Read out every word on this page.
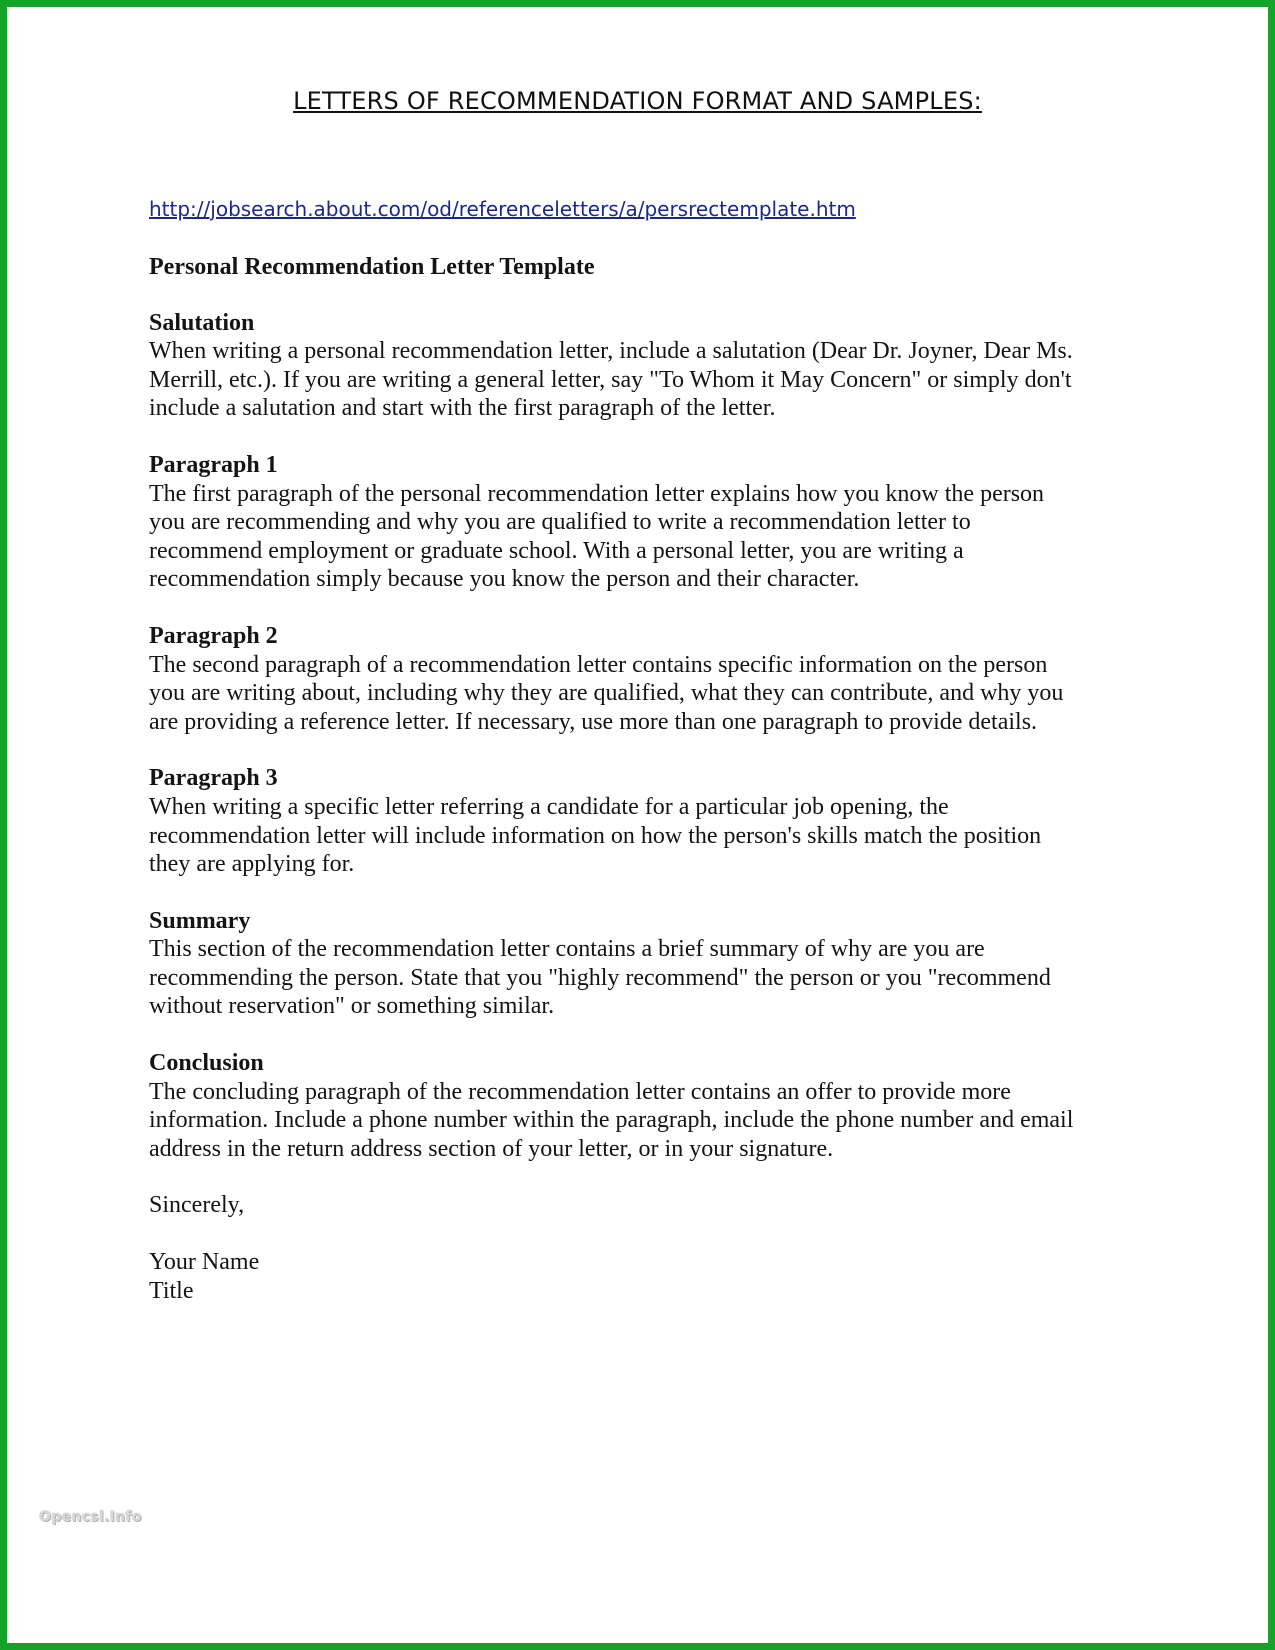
LETTERS OF RECOMMENDATION FORMAT AND SAMPLES:
http://jobsearch.about.com/od/referenceletters/a/persrectemplate.htm

Personal Recommendation Letter Template

Salutation

When writing a personal recommendation letter, include a salutation (Dear Dr. Joyner, Dear Ms.
Merrill, etc.). If you are writing a general letter, say "To Whom it May Concern" or simply don't
include a salutation and start with the first paragraph of the letter.

Paragraph 1

The first paragraph of the personal recommendation letter explains how you know the person
you are recommending and why you are qualified to write a recommendation letter to
recommend employment or graduate school. With a personal letter, you are writing a
recommendation simply because you know the person and their character.

Paragraph 2

The second paragraph of a recommendation letter contains specific information on the person
you are writing about, including why they are qualified, what they can contribute, and why you
are providing a reference letter. If necessary, use more than one paragraph to provide details.

Paragraph 3

When writing a specific letter referring a candidate for a particular job opening, the
recommendation letter will include information on how the person's skills match the position
they are applying for.

Summary

This section of the recommendation letter contains a brief summary of why are you are
recommending the person. State that you "highly recommend" the person or you "recommend
without reservation" or something similar.

Conclusion

The concluding paragraph of the recommendation letter contains an offer to provide more
information. Include a phone number within the paragraph, include the phone number and email
address in the return address section of your letter, or in your signature.

Sincerely,

Your Name
Title

Opencsl.Info
